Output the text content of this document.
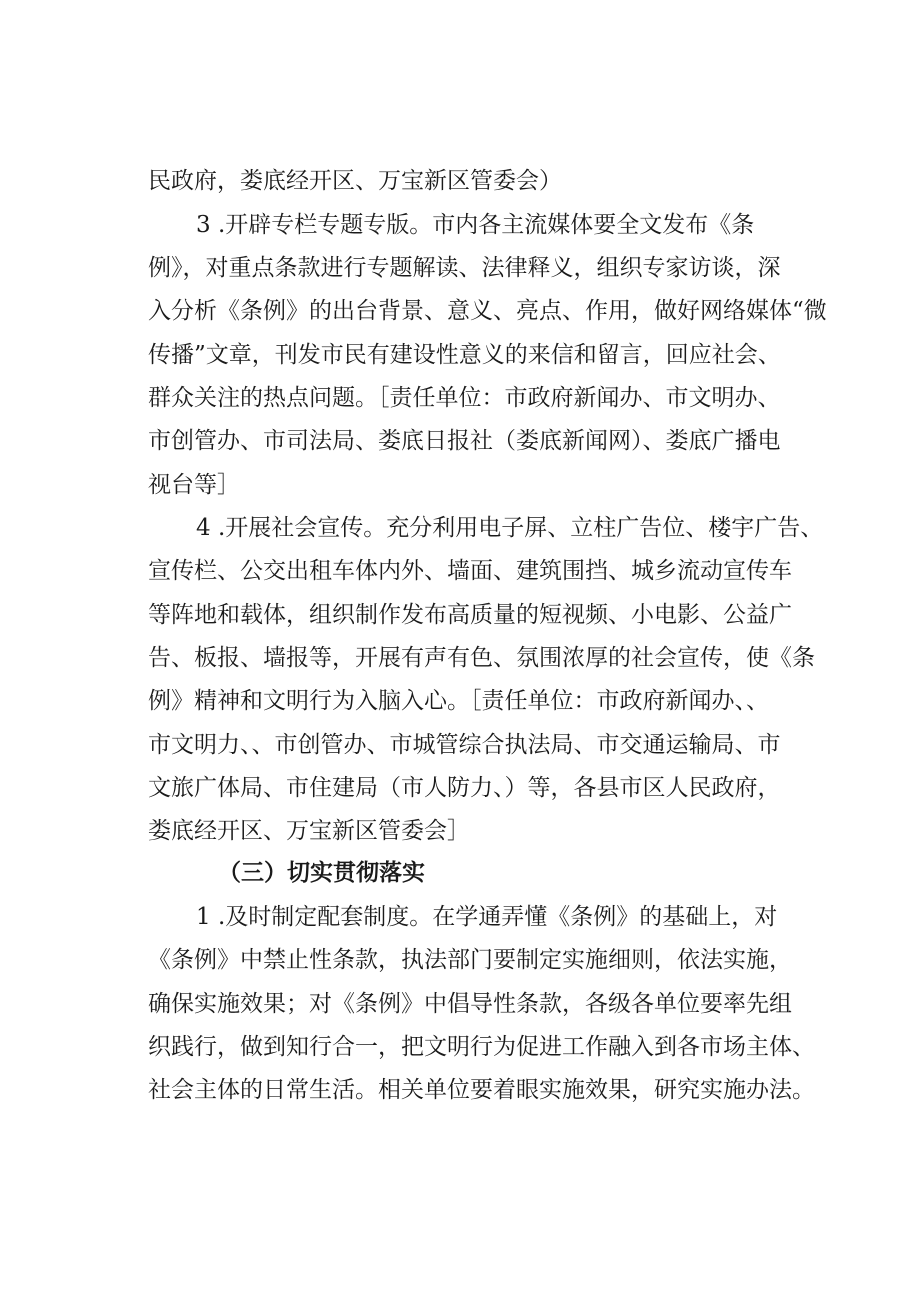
民政府，娄底经开区、万宝新区管委会）
3 .开辟专栏专题专版。市内各主流媒体要全文发布《条
例》，对重点条款进行专题解读、法律释义，组织专家访谈，深
入分析《条例》的出台背景、意义、亮点、作用，做好网络媒体“微
传播”文章，刊发市民有建设性意义的来信和留言，回应社会、
群众关注的热点问题。［责任单位：市政府新闻办、市文明办、
市创管办、市司法局、娄底日报社（娄底新闻网）、娄底广播电
视台等］
4 .开展社会宣传。充分利用电子屏、立柱广告位、楼宇广告、
宣传栏、公交出租车体内外、墙面、建筑围挡、城乡流动宣传车
等阵地和载体，组织制作发布高质量的短视频、小电影、公益广
告、板报、墙报等，开展有声有色、氛围浓厚的社会宣传，使《条
例》精神和文明行为入脑入心。［责任单位：市政府新闻办、、
市文明力、、市创管办、市城管综合执法局、市交通运输局、市
文旅广体局、市住建局（市人防力、）等，各县市区人民政府，
娄底经开区、万宝新区管委会］
（三）切实贯彻落实
1 .及时制定配套制度。在学通弄懂《条例》的基础上，对
《条例》中禁止性条款，执法部门要制定实施细则，依法实施，
确保实施效果；对《条例》中倡导性条款，各级各单位要率先组
织践行，做到知行合一，把文明行为促进工作融入到各市场主体、
社会主体的日常生活。相关单位要着眼实施效果，研究实施办法。
